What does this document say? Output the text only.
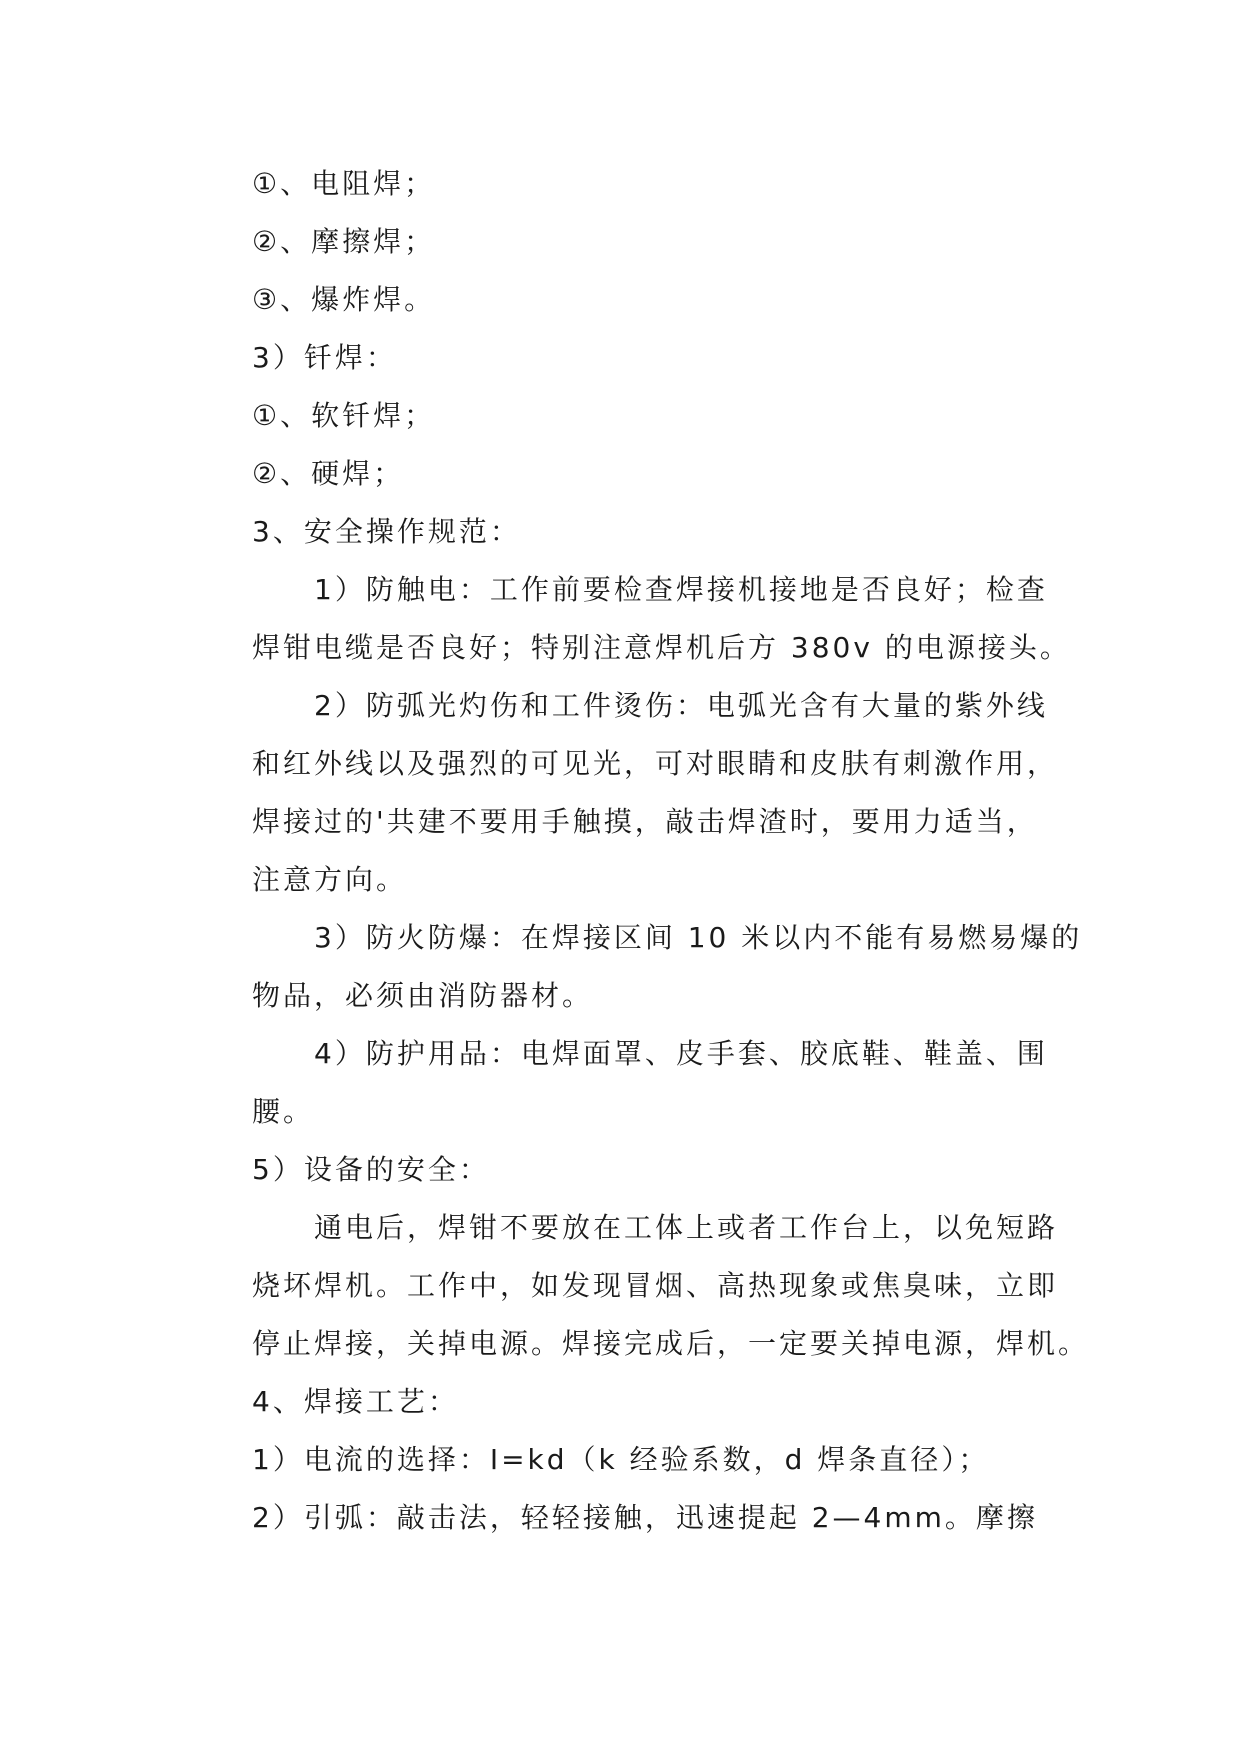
①、电阻焊；
②、摩擦焊；
③、爆炸焊。
3）钎焊：
①、软钎焊；
②、硬焊；
3、安全操作规范：
1）防触电：工作前要检查焊接机接地是否良好；检查
焊钳电缆是否良好；特别注意焊机后方 380v 的电源接头。
2）防弧光灼伤和工件烫伤：电弧光含有大量的紫外线
和红外线以及强烈的可见光，可对眼睛和皮肤有刺激作用，
焊接过的'共建不要用手触摸，敲击焊渣时，要用力适当，
注意方向。
3）防火防爆：在焊接区间 10 米以内不能有易燃易爆的
物品，必须由消防器材。
4）防护用品：电焊面罩、皮手套、胶底鞋、鞋盖、围
腰。
5）设备的安全：
通电后，焊钳不要放在工体上或者工作台上，以免短路
烧坏焊机。工作中，如发现冒烟、高热现象或焦臭味，立即
停止焊接，关掉电源。焊接完成后，一定要关掉电源，焊机。
4、焊接工艺：
1）电流的选择：I=kd（k 经验系数，d 焊条直径）；
2）引弧：敲击法，轻轻接触，迅速提起 2—4mm。摩擦
